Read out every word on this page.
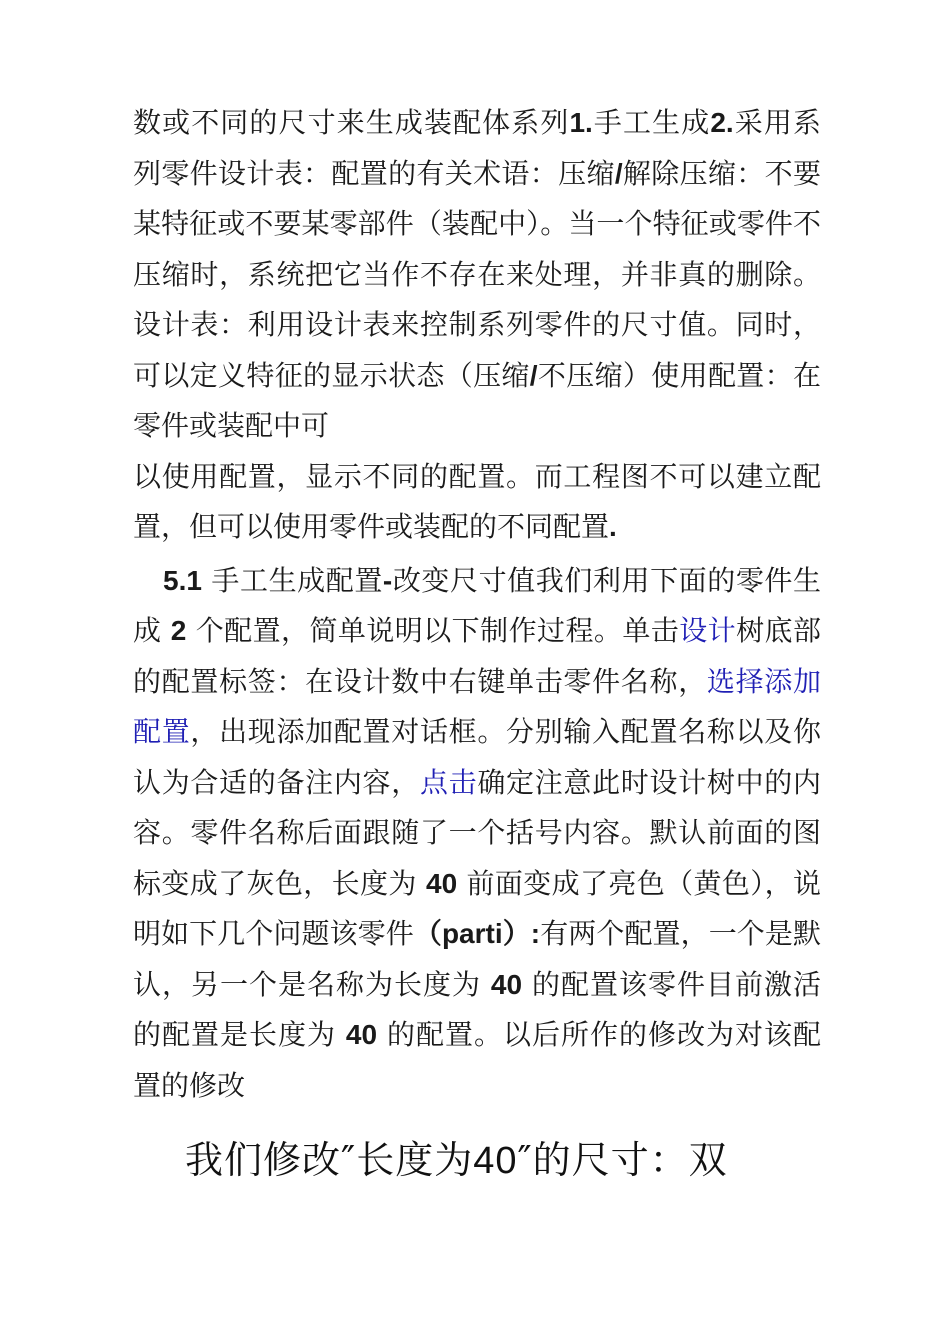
数或不同的尺寸来生成装配体系列1.手工生成2.采用系列零件设计表：配置的有关术语：压缩/解除压缩：不要某特征或不要某零部件（装配中）。当一个特征或零件不压缩时，系统把它当作不存在来处理，并非真的删除。设计表：利用设计表来控制系列零件的尺寸值。同时，可以定义特征的显示状态（压缩/不压缩）使用配置：在零件或装配中可

以使用配置，显示不同的配置。而工程图不可以建立配置，但可以使用零件或装配的不同配置.

5.1 手工生成配置-改变尺寸值我们利用下面的零件生成 2 个配置，简单说明以下制作过程。单击设计树底部的配置标签：在设计数中右键单击零件名称，选择添加配置，出现添加配置对话框。分别输入配置名称以及你认为合适的备注内容，点击确定注意此时设计树中的内容。零件名称后面跟随了一个括号内容。默认前面的图标变成了灰色，长度为 40 前面变成了亮色（黄色），说明如下几个问题该零件（parti）:有两个配置，一个是默认，另一个是名称为长度为 40 的配置该零件目前激活的配置是长度为 40 的配置。以后所作的修改为对该配置的修改

我们修改″长度为40″的尺寸：双
